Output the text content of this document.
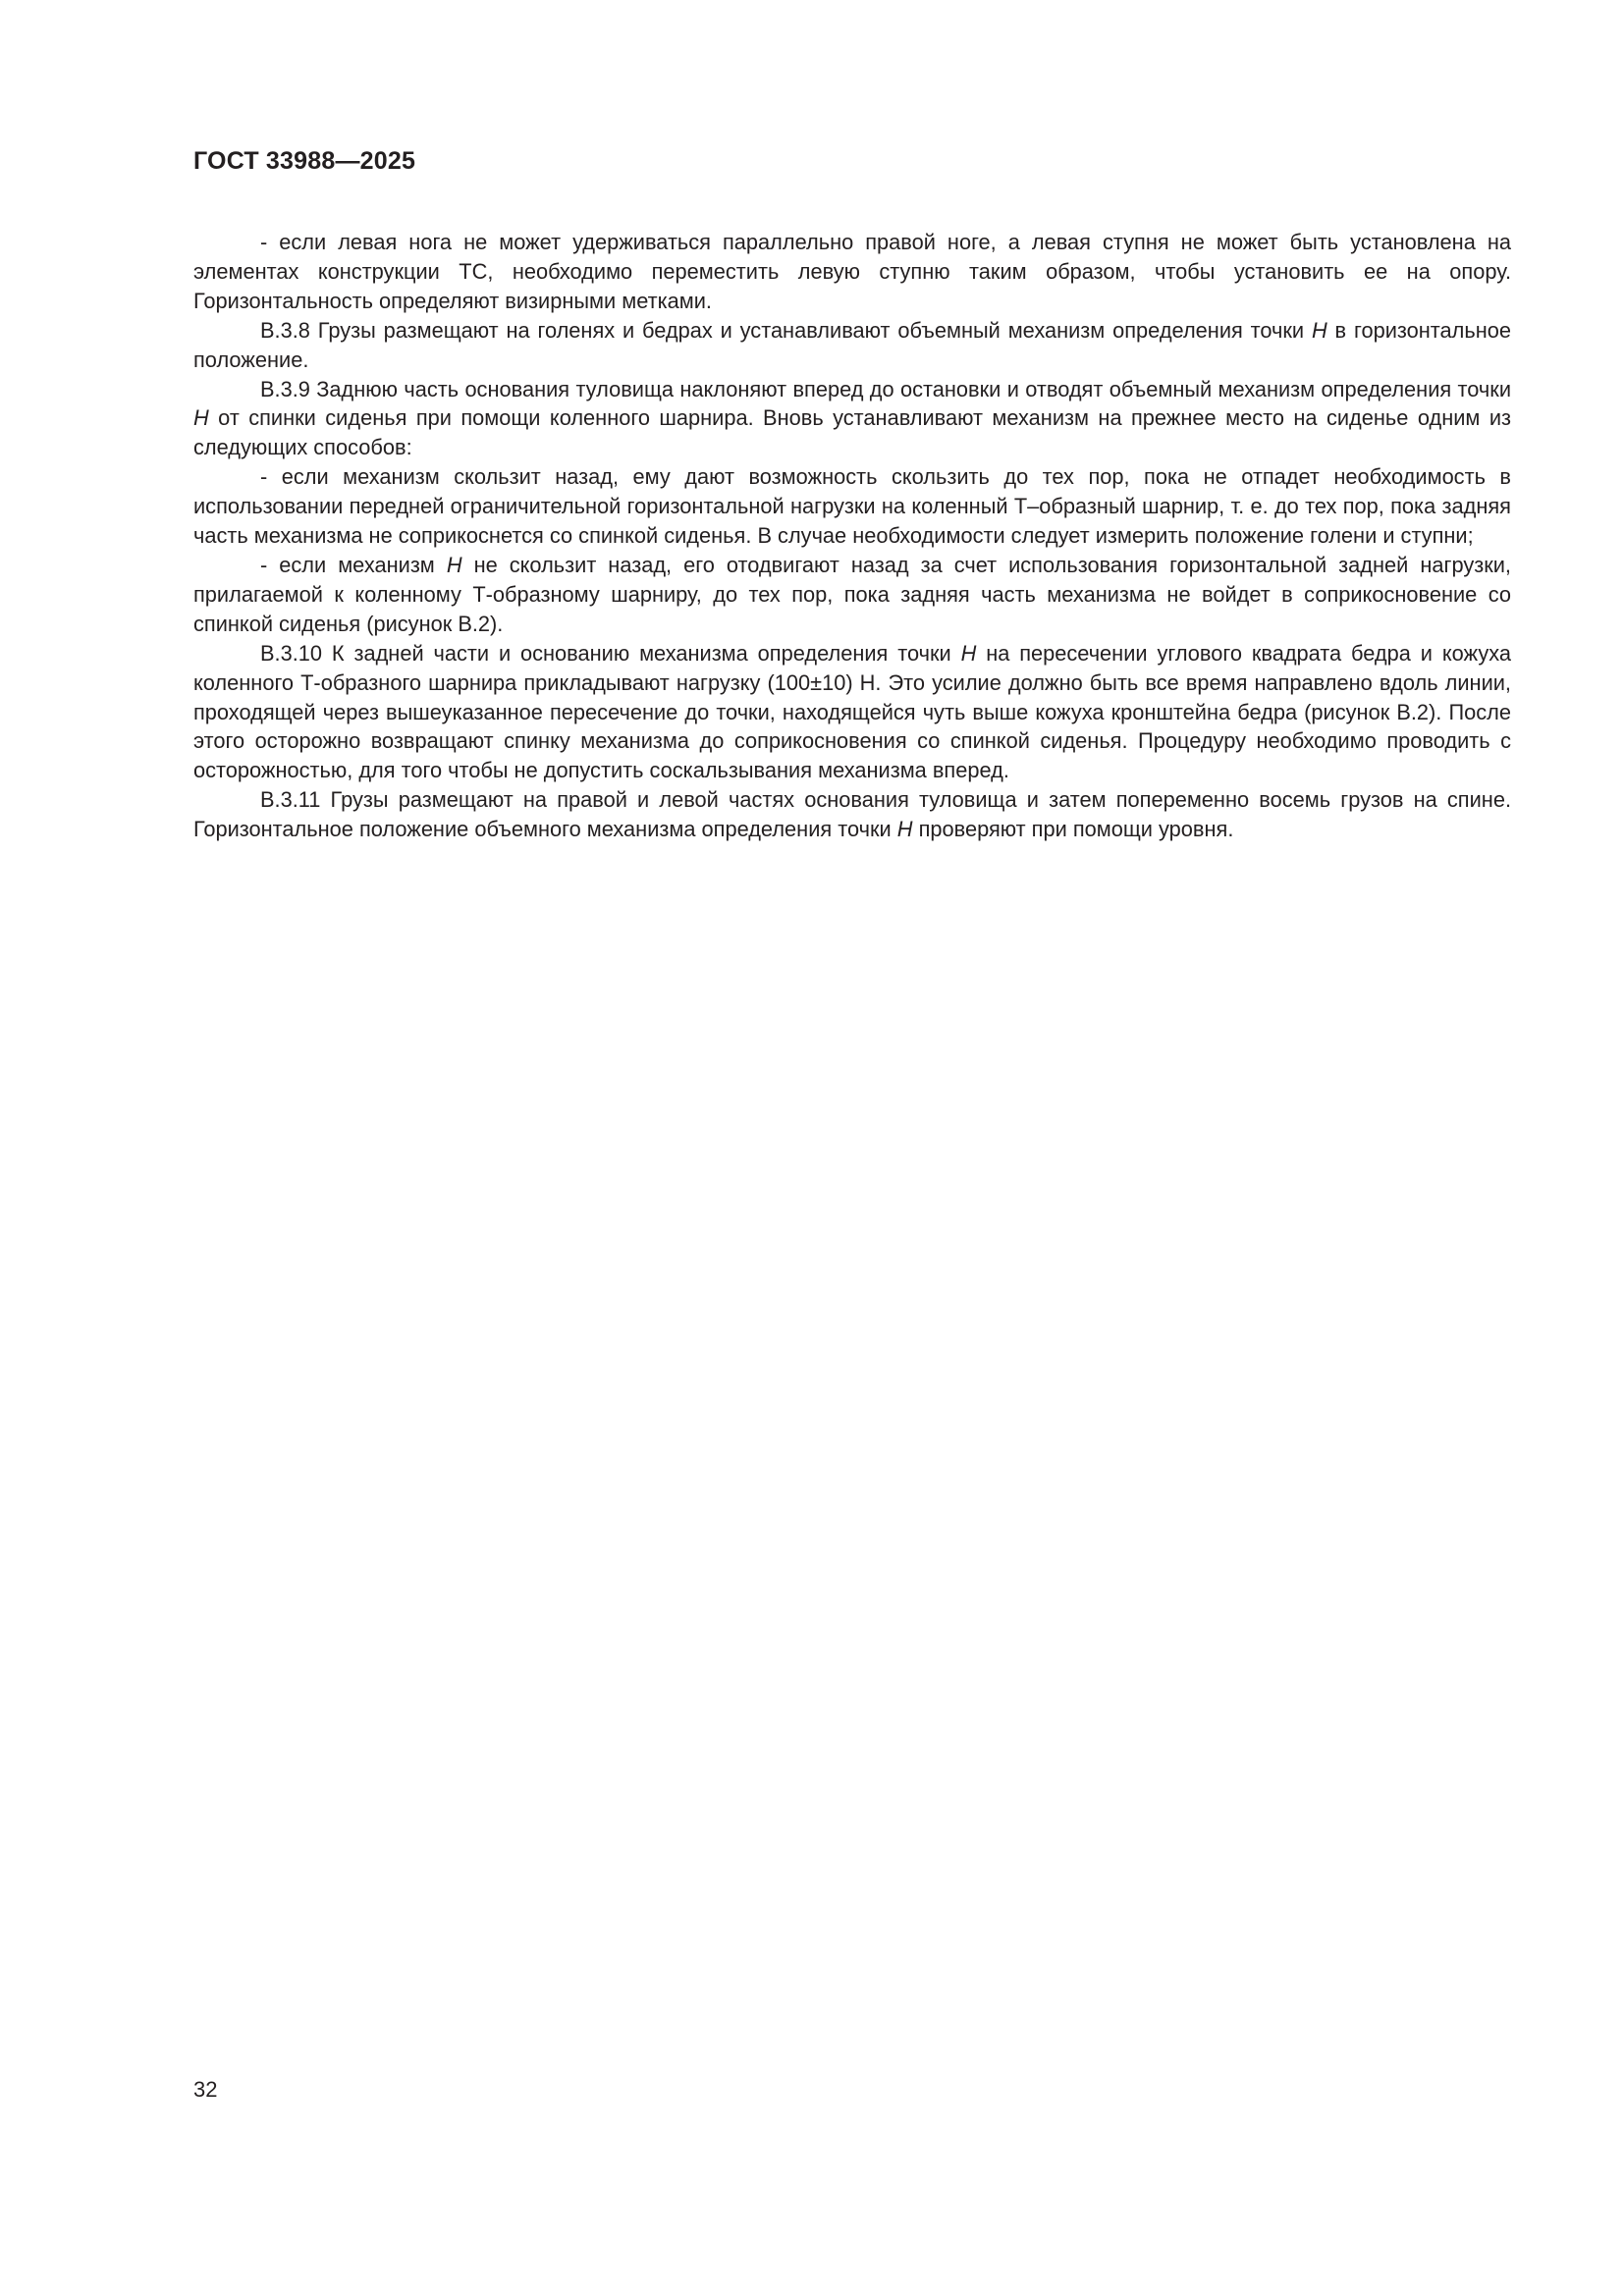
ГОСТ 33988—2025

- если левая нога не может удерживаться параллельно правой ноге, а левая ступня не может быть установлена на элементах конструкции ТС, необходимо переместить левую ступню таким образом, чтобы установить ее на опору. Горизонтальность определяют визирными метками.

В.3.8 Грузы размещают на голенях и бедрах и устанавливают объемный механизм определения точки H в горизонтальное положение.

В.3.9 Заднюю часть основания туловища наклоняют вперед до остановки и отводят объемный механизм определения точки H от спинки сиденья при помощи коленного шарнира. Вновь устанавливают механизм на прежнее место на сиденье одним из следующих способов:

- если механизм скользит назад, ему дают возможность скользить до тех пор, пока не отпадет необходимость в использовании передней ограничительной горизонтальной нагрузки на коленный Т–образный шарнир, т. е. до тех пор, пока задняя часть механизма не соприкоснется со спинкой сиденья. В случае необходимости следует измерить положение голени и ступни;

- если механизм H не скользит назад, его отодвигают назад за счет использования горизонтальной задней нагрузки, прилагаемой к коленному Т-образному шарниру, до тех пор, пока задняя часть механизма не войдет в соприкосновение со спинкой сиденья (рисунок В.2).

В.3.10 К задней части и основанию механизма определения точки H на пересечении углового квадрата бедра и кожуха коленного Т-образного шарнира прикладывают нагрузку (100±10) Н. Это усилие должно быть все время направлено вдоль линии, проходящей через вышеуказанное пересечение до точки, находящейся чуть выше кожуха кронштейна бедра (рисунок В.2). После этого осторожно возвращают спинку механизма до соприкосновения со спинкой сиденья. Процедуру необходимо проводить с осторожностью, для того чтобы не допустить соскальзывания механизма вперед.

В.3.11 Грузы размещают на правой и левой частях основания туловища и затем попеременно восемь грузов на спине. Горизонтальное положение объемного механизма определения точки H проверяют при помощи уровня.

32
